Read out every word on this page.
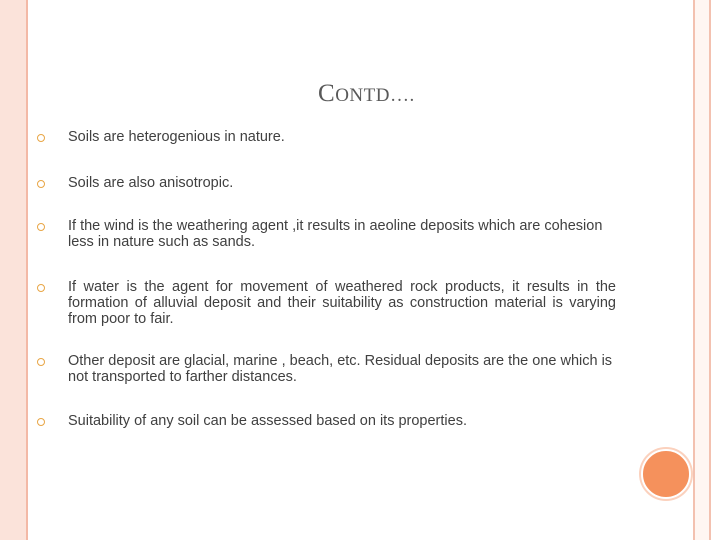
CONTD….
Soils are heterogenious in nature.
Soils are also anisotropic.
If the wind is the weathering agent ,it results in aeoline deposits which are cohesion less in nature such as sands.
If water is the agent for movement of weathered rock products, it results in the formation of alluvial deposit and their suitability as construction material is varying from poor to fair.
Other deposit are glacial, marine , beach, etc. Residual deposits are the one which is not transported to farther distances.
Suitability of any soil can be assessed based on its properties.
